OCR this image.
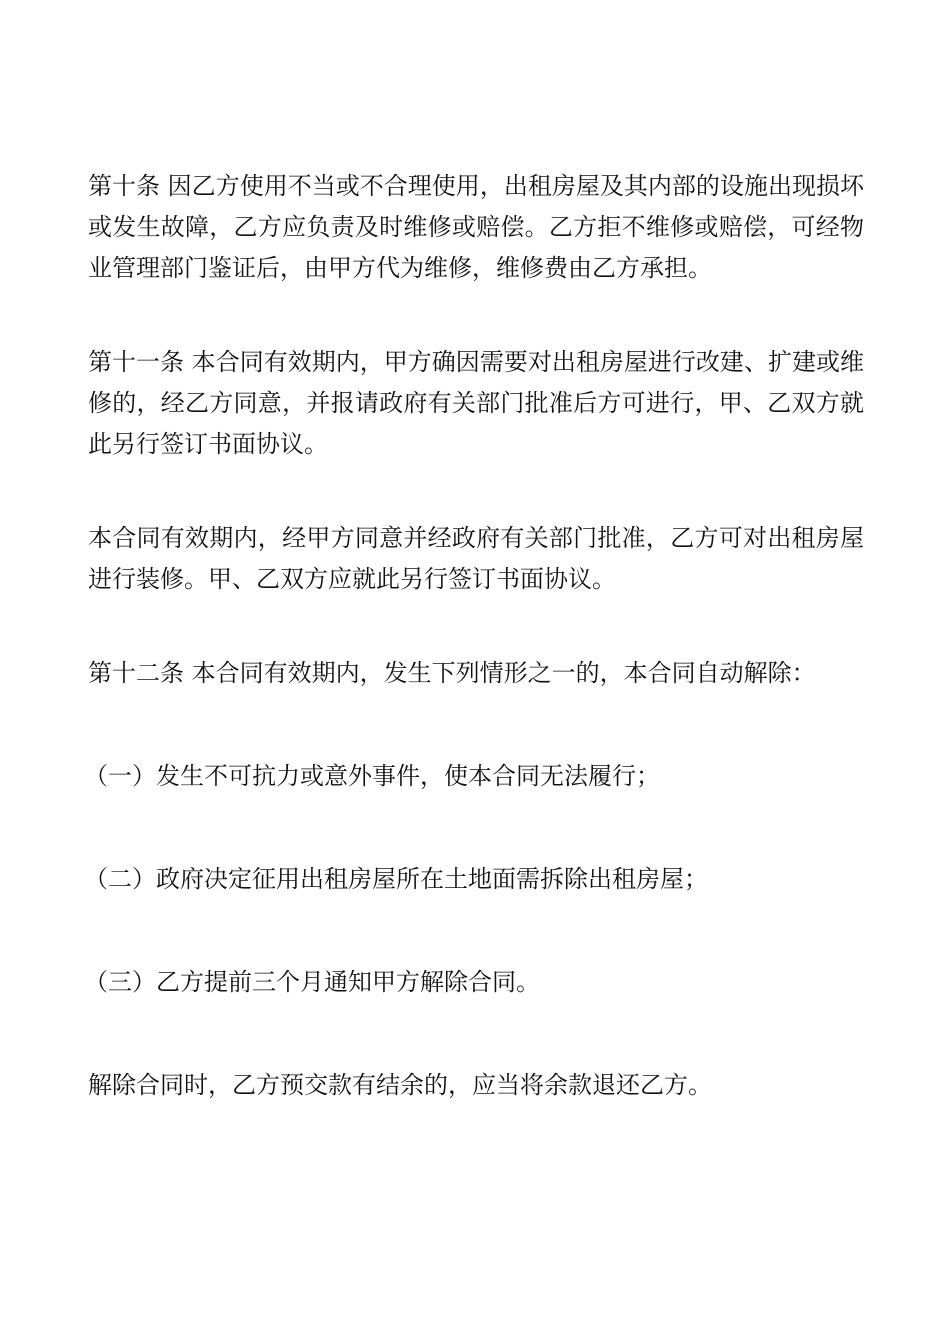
第十条 因乙方使用不当或不合理使用，出租房屋及其内部的设施出现损坏或发生故障，乙方应负责及时维修或赔偿。乙方拒不维修或赔偿，可经物业管理部门鉴证后，由甲方代为维修，维修费由乙方承担。

第十一条 本合同有效期内，甲方确因需要对出租房屋进行改建、扩建或维修的，经乙方同意，并报请政府有关部门批准后方可进行，甲、乙双方就此另行签订书面协议。

本合同有效期内，经甲方同意并经政府有关部门批准，乙方可对出租房屋进行装修。甲、乙双方应就此另行签订书面协议。

第十二条 本合同有效期内，发生下列情形之一的，本合同自动解除：

（一）发生不可抗力或意外事件，使本合同无法履行；

（二）政府决定征用出租房屋所在土地面需拆除出租房屋；

（三）乙方提前三个月通知甲方解除合同。

解除合同时，乙方预交款有结余的，应当将余款退还乙方。
